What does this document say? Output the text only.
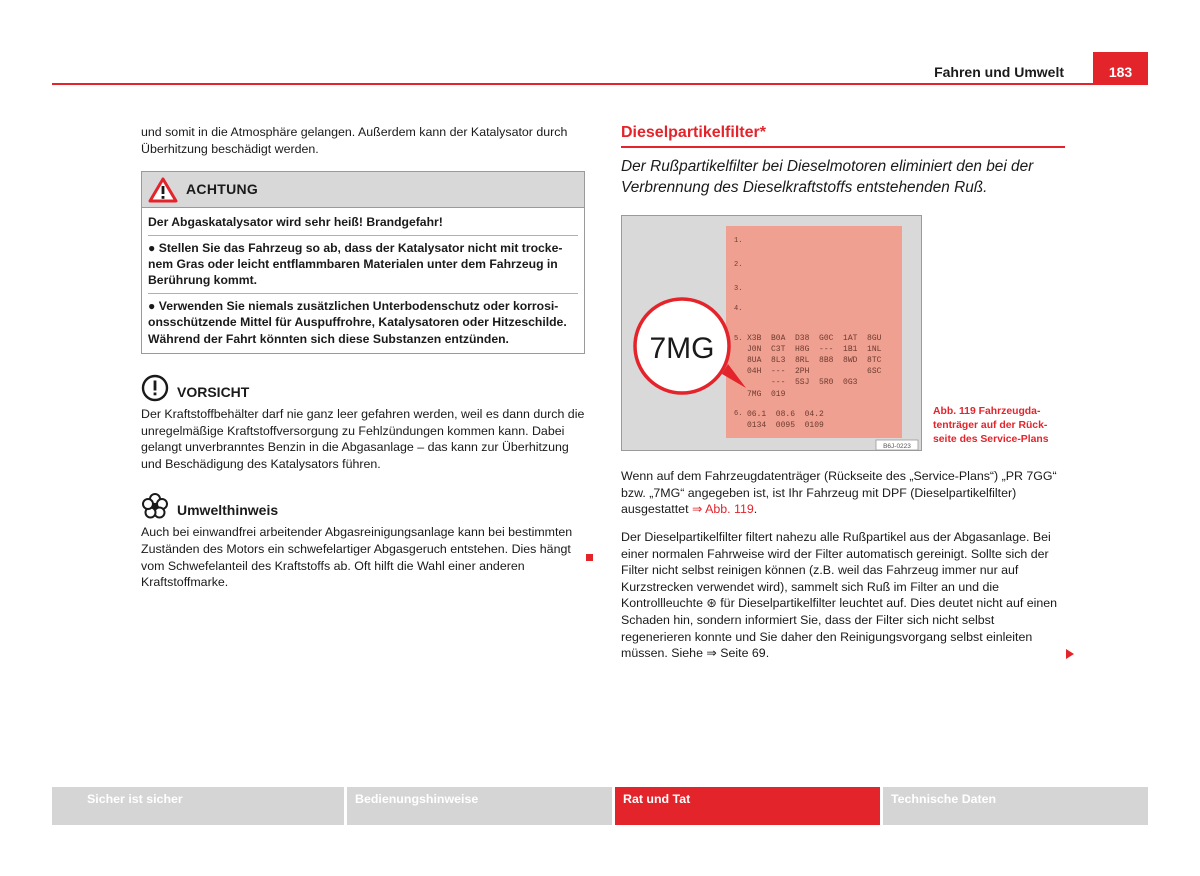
Fahren und Umwelt	183

und somit in die Atmosphäre gelangen. Außerdem kann der Katalysator durch Überhitzung beschädigt werden.

ACHTUNG
Der Abgaskatalysator wird sehr heiß! Brandgefahr!
● Stellen Sie das Fahrzeug so ab, dass der Katalysator nicht mit trockenem Gras oder leicht entflammbaren Materialen unter dem Fahrzeug in Berührung kommt.
● Verwenden Sie niemals zusätzlichen Unterbodenschutz oder korrosionsschützende Mittel für Auspuffrohre, Katalysatoren oder Hitzeschilde. Während der Fahrt könnten sich diese Substanzen entzünden.
VORSICHT

Der Kraftstoffbehälter darf nie ganz leer gefahren werden, weil es dann durch die unregelmäßige Kraftstoffversorgung zu Fehlzündungen kommen kann. Dabei gelangt unverbranntes Benzin in die Abgasanlage – das kann zur Überhitzung und Beschädigung des Katalysators führen.

Umwelthinweis

Auch bei einwandfrei arbeitender Abgasreinigungsanlage kann bei bestimmten Zuständen des Motors ein schwefelartiger Abgasgeruch entstehen. Dies hängt vom Schwefelanteil des Kraftstoffs ab. Oft hilft die Wahl einer anderen Kraftstoffmarke.

Dieselpartikelfilter*

Der Rußpartikelfilter bei Dieselmotoren eliminiert den bei der Verbrennung des Dieselkraftstoffs entstehenden Ruß.

1.
2.
3.
4.
5.
6.
X3B  B0A  D38  G0C  1AT  8GU
J0N  C3T  H8G  ---  1B1  1NL
8UA  8L3  8RL  8B8  8WD  8TC
04H  ---  2PH            6SC
---  5SJ  5R0  0G3
7MG  019
06.1  08.6  04.2
0134  0095  0109
7MG
B6J-0223

Abb. 119 Fahrzeugdatenträger auf der Rückseite des Service-Plans

Wenn auf dem Fahrzeugdatenträger (Rückseite des „Service-Plans“) „PR 7GG“ bzw. „7MG“ angegeben ist, ist Ihr Fahrzeug mit DPF (Dieselpartikelfilter) ausgestattet ⇒ Abb. 119.

Der Dieselpartikelfilter filtert nahezu alle Rußpartikel aus der Abgasanlage. Bei einer normalen Fahrweise wird der Filter automatisch gereinigt. Sollte sich der Filter nicht selbst reinigen können (z.B. weil das Fahrzeug immer nur auf Kurzstrecken verwendet wird), sammelt sich Ruß im Filter an und die Kontrollleuchte ⊛ für Dieselpartikelfilter leuchtet auf. Dies deutet nicht auf einen Schaden hin, sondern informiert Sie, dass der Filter sich nicht selbst regenerieren konnte und Sie daher den Reinigungsvorgang selbst einleiten müssen. Siehe ⇒ Seite 69.

Sicher ist sicher	Bedienungshinweise	Rat und Tat	Technische Daten
